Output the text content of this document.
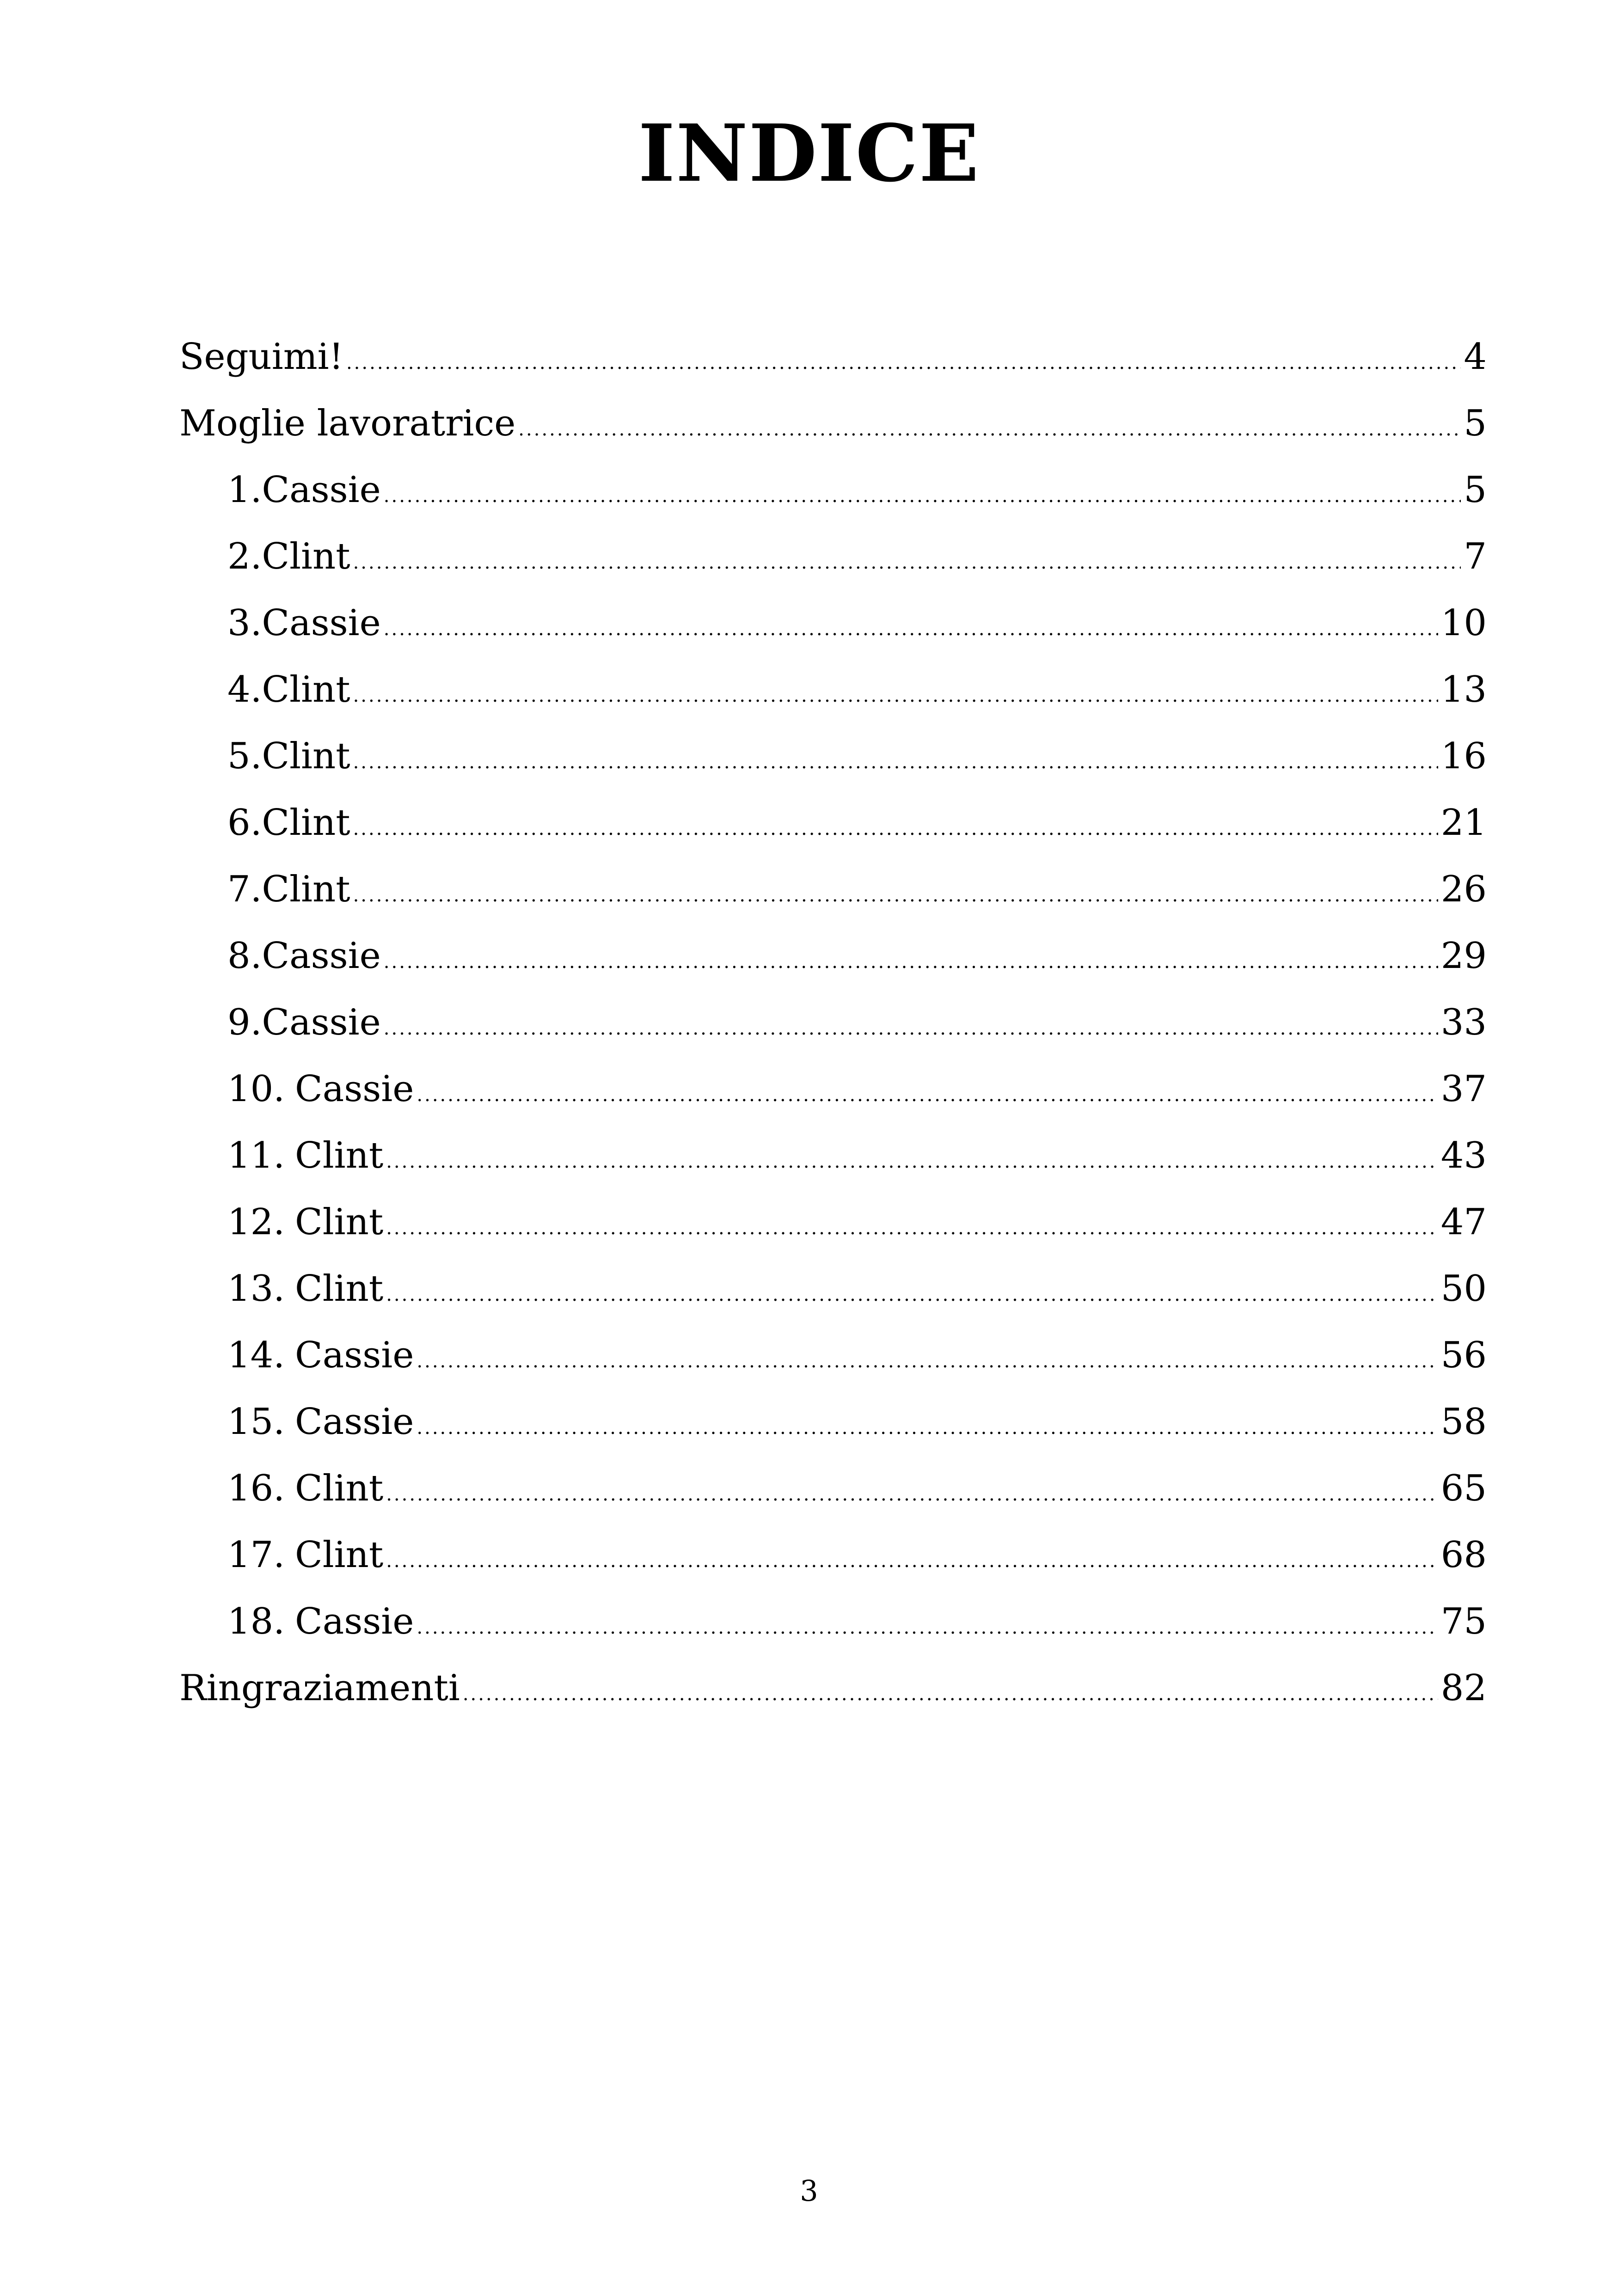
INDICE
Seguimi! .....	4
Moglie lavoratrice .....	5
1. Cassie .....	5
2. Clint .....	7
3. Cassie .....	10
4. Clint .....	13
5. Clint .....	16
6. Clint .....	21
7. Clint .....	26
8. Cassie .....	29
9. Cassie .....	33
10. Cassie .....	37
11. Clint .....	43
12. Clint .....	47
13. Clint .....	50
14. Cassie .....	56
15. Cassie .....	58
16. Clint .....	65
17. Clint .....	68
18. Cassie .....	75
Ringraziamenti .....	82
3
